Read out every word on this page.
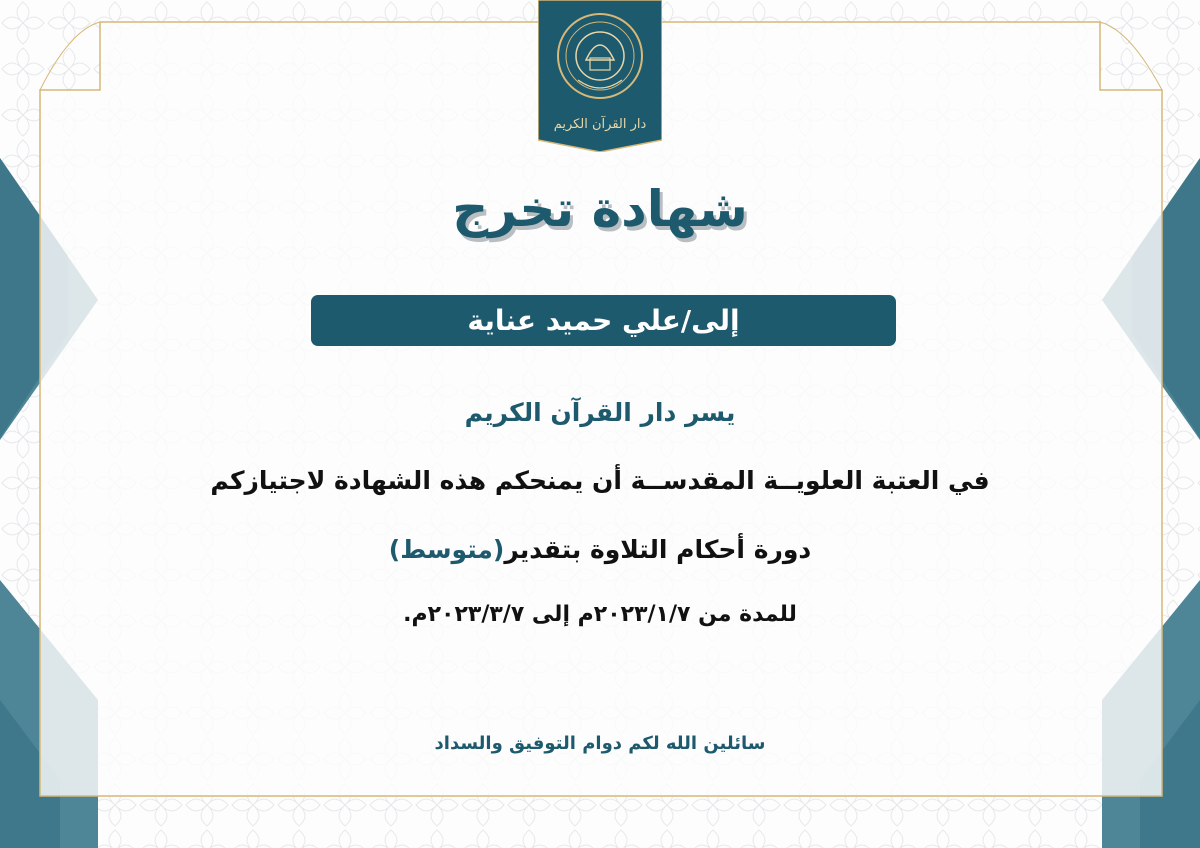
دار القرآن الكريم
شهادة تخرج
إلى/علي حميد عناية
يسر دار القرآن الكريم
في العتبة العلويــة المقدســة أن يمنحكم هذه الشهادة لاجتيازكم
دورة أحكام التلاوة بتقدير(متوسط)
للمدة من ٢٠٢٣/١/٧م إلى ٢٠٢٣/٣/٧م.
سائلين الله لكم دوام التوفيق والسداد
